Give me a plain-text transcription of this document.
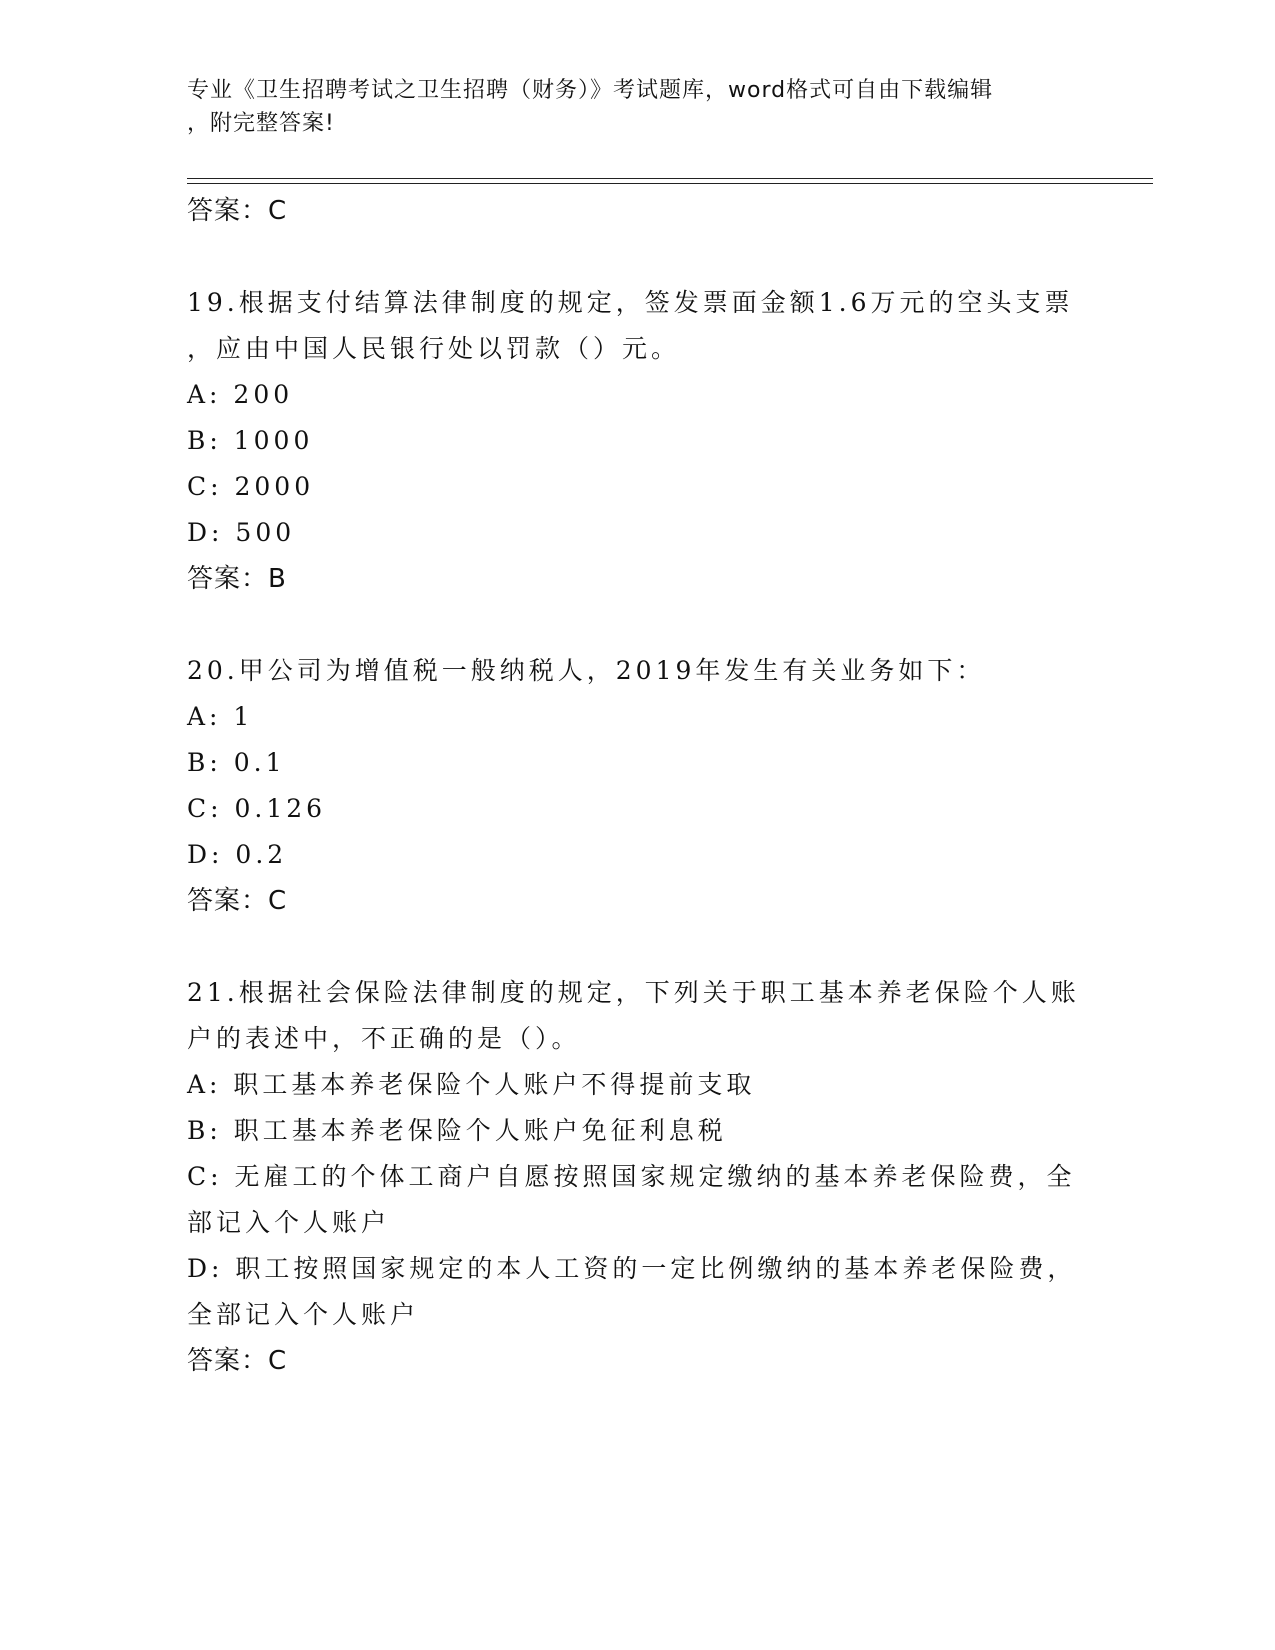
专业《卫生招聘考试之卫生招聘（财务）》考试题库，word格式可自由下载编辑
，附完整答案!
答案：C
19.根据支付结算法律制度的规定，签发票面金额1.6万元的空头支票
，应由中国人民银行处以罚款（）元。
A: 200
B: 1000
C: 2000
D: 500
答案：B
20.甲公司为增值税一般纳税人，2019年发生有关业务如下：
A: 1
B: 0.1
C: 0.126
D: 0.2
答案：C
21.根据社会保险法律制度的规定，下列关于职工基本养老保险个人账
户的表述中，不正确的是（）。
A: 职工基本养老保险个人账户不得提前支取
B: 职工基本养老保险个人账户免征利息税
C: 无雇工的个体工商户自愿按照国家规定缴纳的基本养老保险费，全
部记入个人账户
D: 职工按照国家规定的本人工资的一定比例缴纳的基本养老保险费，
全部记入个人账户
答案：C
